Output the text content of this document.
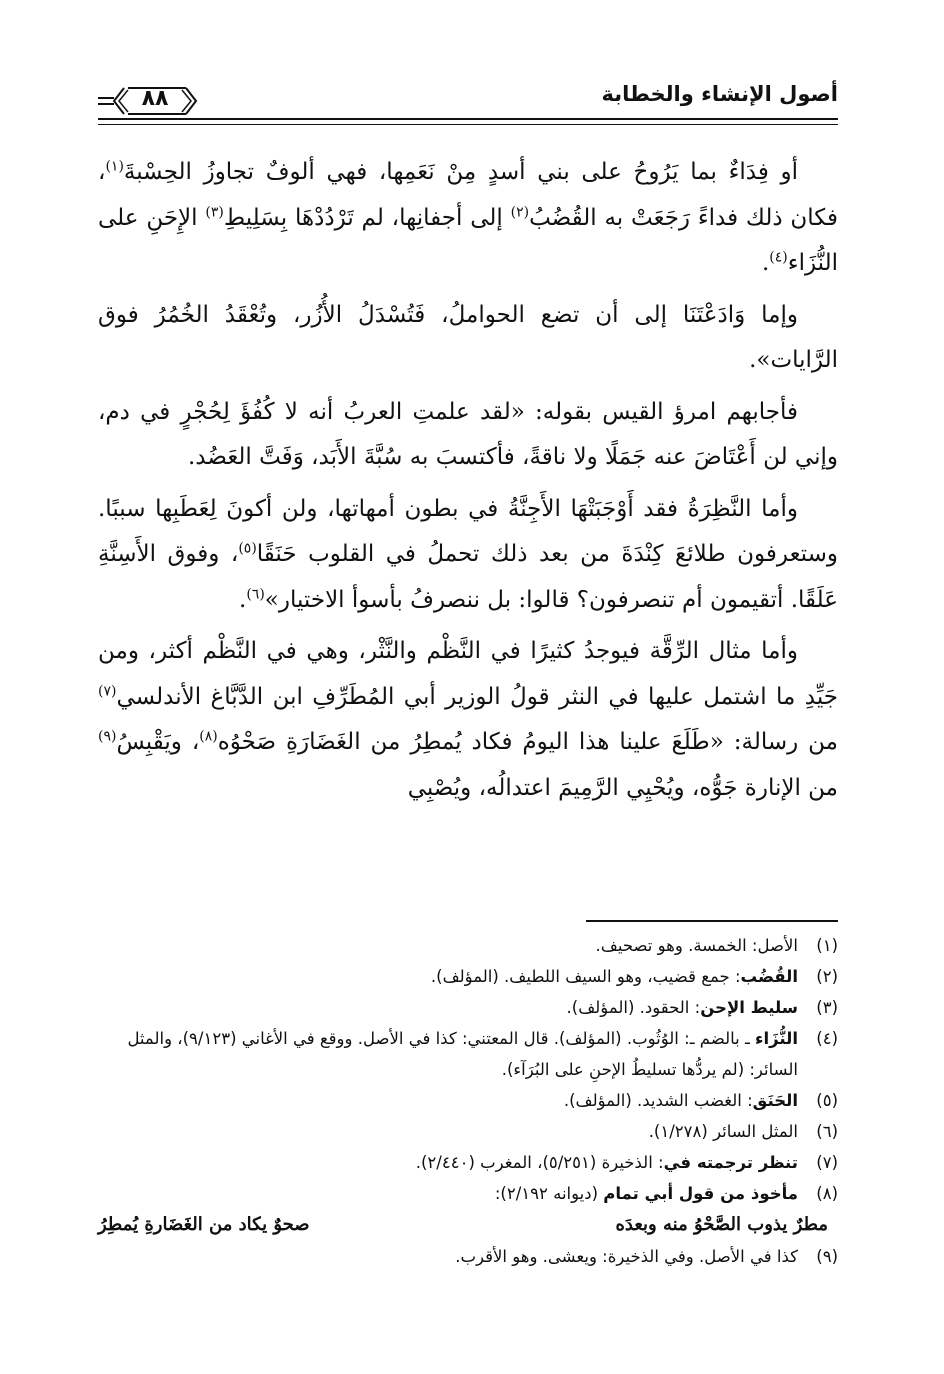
أصول الإنشاء والخطابة
٨٨

أو فِدَاءٌ بما يَرُوحُ على بني أسدٍ مِنْ نَعَمِها، فهي ألوفٌ تجاوزُ الحِسْبةَ$^{(١)}$، فكان ذلك فداءً رَجَعَتْ به القُضُبُ$^{(٢)}$ إلى أجفانِها، لم تَرْدُدْهَا بِسَلِيطِ$^{(٣)}$ الإِحَنِ على النُّزَاء$^{(٤)}$.

وإما وَادَعْتَنَا إلى أن تضع الحواملُ، فَتُسْدَلُ الأُزُر، وتُعْقَدُ الخُمُرُ فوق الرَّايات».

فأجابهم امرؤ القيس بقوله: «لقد علمتِ العربُ أنه لا كُفُؤَ لِحُجْرٍ في دم، وإني لن أَعْتَاضَ عنه جَمَلًا ولا ناقةً، فأكتسبَ به سُبَّةَ الأَبَد، وَفَتَّ العَضُد.

وأما النَّظِرَةُ فقد أَوْجَبَتْهَا الأَجِنَّةُ في بطون أمهاتها، ولن أكونَ لِعَطَبِها سببًا. وستعرفون طلائعَ كِنْدَةَ من بعد ذلك تحملُ في القلوب حَنَقًا$^{(٥)}$، وفوق الأَسِنَّةِ عَلَقًا. أتقيمون أم تنصرفون؟ قالوا: بل ننصرفُ بأسوأ الاختيار»$^{(٦)}$.

وأما مثال الرِّقَّة فيوجدُ كثيرًا في النَّظْم والنَّثْر، وهي في النَّظْم أكثر، ومن جَيِّدِ ما اشتمل عليها في النثر قولُ الوزير أبي المُطَرِّفِ ابن الدَّبَّاغ الأندلسي$^{(٧)}$ من رسالة: «طَلَعَ علينا هذا اليومُ فكاد يُمطِرُ من الغَضَارَةِ صَحْوُه$^{(٨)}$، ويَقْبِسُ$^{(٩)}$ من الإنارة جَوُّه، ويُحْيِي الرَّمِيمَ اعتدالُه، ويُصْبِي

(١)
الأصل: الخمسة. وهو تصحيف.
(٢)
القُضُب: جمع قضيب، وهو السيف اللطيف. (المؤلف).
(٣)
سليط الإحن: الحقود. (المؤلف).
(٤)
النُّزَاء ـ بالضم ـ: الوُثُوب. (المؤلف). قال المعتني: كذا في الأصل. ووقع في الأغاني (٩/١٢٣)، والمثل السائر: (لم يردُّها تسليطُ الإحنِ على البُرَآء).
(٥)
الحَنَق: الغضب الشديد. (المؤلف).
(٦)
المثل السائر (١/٢٧٨).
(٧)
تنظر ترجمته في: الذخيرة (٥/٢٥١)، المغرب (٢/٤٤٠).
(٨)
مأخوذ من قول أبي تمام (ديوانه ٢/١٩٢):
مطرٌ يذوب الصَّحْوُ منه وبعدَه
صحوٌ يكاد من الغَضَارةِ يُمطِرُ
(٩)
كذا في الأصل. وفي الذخيرة: ويعشى. وهو الأقرب.
